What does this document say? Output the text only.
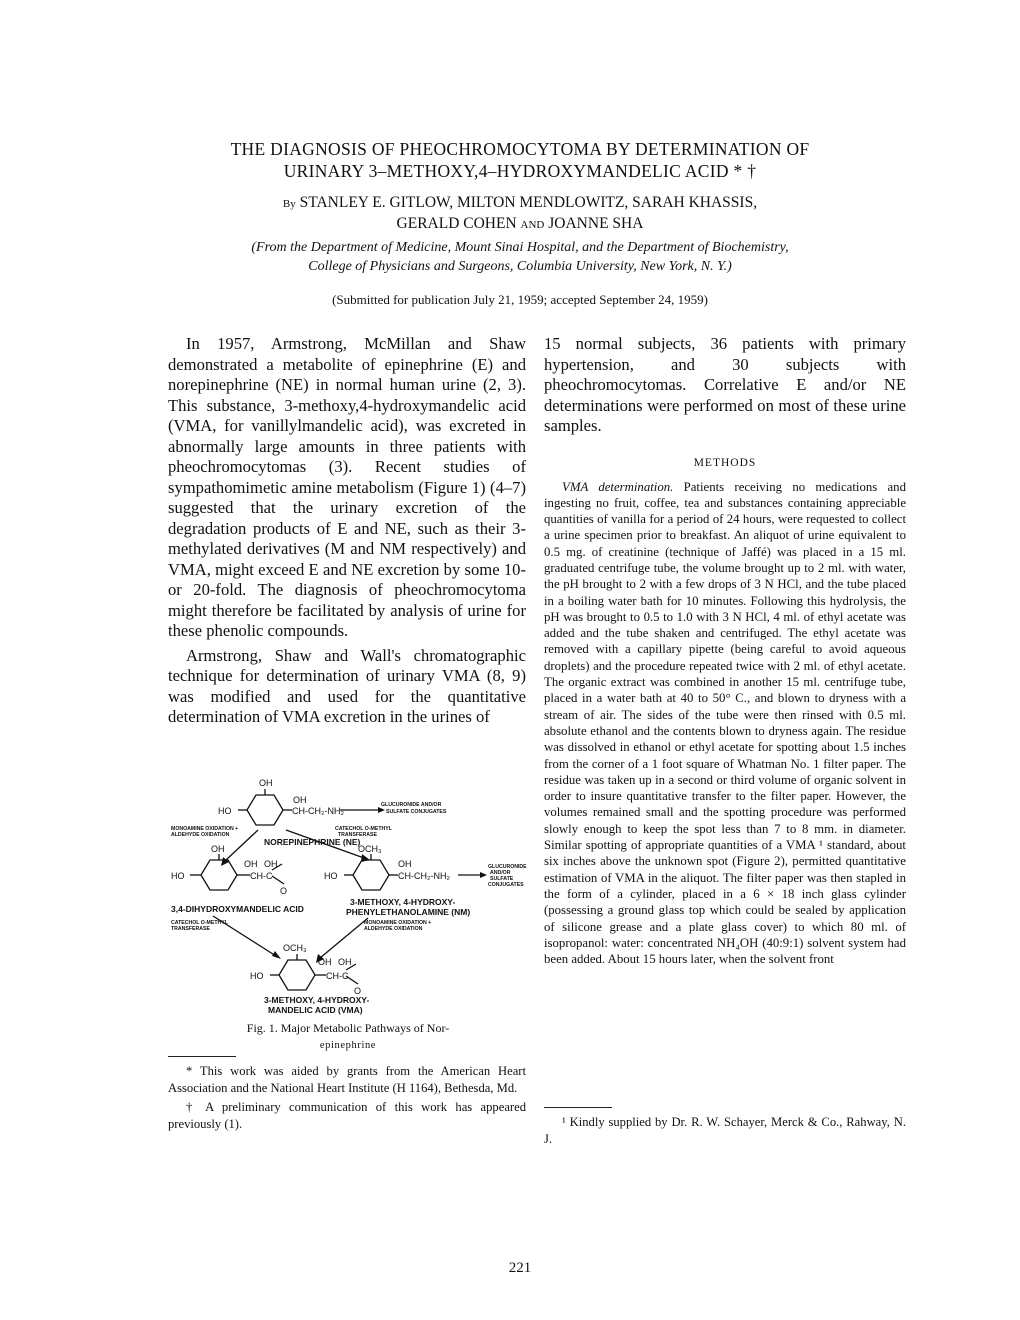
THE DIAGNOSIS OF PHEOCHROMOCYTOMA BY DETERMINATION OF
URINARY 3–METHOXY,4–HYDROXYMANDELIC ACID * †
By STANLEY E. GITLOW, MILTON MENDLOWITZ, SARAH KHASSIS,
GERALD COHEN AND JOANNE SHA
(From the Department of Medicine, Mount Sinai Hospital, and the Department of Biochemistry,
College of Physicians and Surgeons, Columbia University, New York, N. Y.)
(Submitted for publication July 21, 1959; accepted September 24, 1959)

In 1957, Armstrong, McMillan and Shaw demonstrated a metabolite of epinephrine (E) and norepinephrine (NE) in normal human urine (2, 3). This substance, 3-methoxy,4-hydroxymandelic acid (VMA, for vanillylmandelic acid), was excreted in abnormally large amounts in three patients with pheochromocytomas (3). Recent studies of sympathomimetic amine metabolism (Figure 1) (4–7) suggested that the urinary excretion of the degradation products of E and NE, such as their 3-methylated derivatives (M and NM respectively) and VMA, might exceed E and NE excretion by some 10- or 20-fold. The diagnosis of pheochromocytoma might therefore be facilitated by analysis of urine for these phenolic compounds.

Armstrong, Shaw and Wall's chromatographic technique for determination of urinary VMA (8, 9) was modified and used for the quantitative determination of VMA excretion in the urines of

OH
HO
OH
CH-CH₂-NH₂
NOREPINEPHRINE (NE)
OH
HO
OH OH
CH-C
O
3,4-DIHYDROXYMANDELIC ACID
OCH₃
HO
OH
CH-CH₂-NH₂
3-METHOXY, 4-HYDROXY-
PHENYLETHANOLAMINE (NM)
OCH₃
HO
OH OH
CH-C
O
3-METHOXY, 4-HYDROXY-
MANDELIC ACID (VMA)
GLUCURONIDE AND/OR
SULFATE CONJUGATES
MONOAMINE OXIDATION +
ALDEHYDE OXIDATION
CATECHOL O-METHYL
TRANSFERASE
GLUCURONIDE
AND/OR
SULFATE
CONJUGATES
CATECHOL O-METHYL
TRANSFERASE
MONOAMINE OXIDATION +
ALDEHYDE OXIDATION
Fig. 1. Major Metabolic Pathways of Nor-
epinephrine

* This work was aided by grants from the American Heart Association and the National Heart Institute (H 1164), Bethesda, Md.

† A preliminary communication of this work has appeared previously (1).

15 normal subjects, 36 patients with primary hypertension, and 30 subjects with pheochromocytomas. Correlative E and/or NE determinations were performed on most of these urine samples.

METHODS

VMA determination. Patients receiving no medications and ingesting no fruit, coffee, tea and substances containing appreciable quantities of vanilla for a period of 24 hours, were requested to collect a urine specimen prior to breakfast. An aliquot of urine equivalent to 0.5 mg. of creatinine (technique of Jaffé) was placed in a 15 ml. graduated centrifuge tube, the volume brought up to 2 ml. with water, the pH brought to 2 with a few drops of 3 N HCl, and the tube placed in a boiling water bath for 10 minutes. Following this hydrolysis, the pH was brought to 0.5 to 1.0 with 3 N HCl, 4 ml. of ethyl acetate was added and the tube shaken and centrifuged. The ethyl acetate was removed with a capillary pipette (being careful to avoid aqueous droplets) and the procedure repeated twice with 2 ml. of ethyl acetate. The organic extract was combined in another 15 ml. centrifuge tube, placed in a water bath at 40 to 50° C., and blown to dryness with a stream of air. The sides of the tube were then rinsed with 0.5 ml. absolute ethanol and the contents blown to dryness again. The residue was dissolved in ethanol or ethyl acetate for spotting about 1.5 inches from the corner of a 1 foot square of Whatman No. 1 filter paper. The residue was taken up in a second or third volume of organic solvent in order to insure quantitative transfer to the filter paper. However, the volumes remained small and the spotting procedure was performed slowly enough to keep the spot less than 7 to 8 mm. in diameter. Similar spotting of appropriate quantities of a VMA ¹ standard, about six inches above the unknown spot (Figure 2), permitted quantitative estimation of VMA in the aliquot. The filter paper was then stapled in the form of a cylinder, placed in a 6 × 18 inch glass cylinder (possessing a ground glass top which could be sealed by application of silicone grease and a plate glass cover) to which 80 ml. of isopropanol: water: concentrated NH₄OH (40:9:1) solvent system had been added. About 15 hours later, when the solvent front

¹ Kindly supplied by Dr. R. W. Schayer, Merck & Co., Rahway, N. J.

221
